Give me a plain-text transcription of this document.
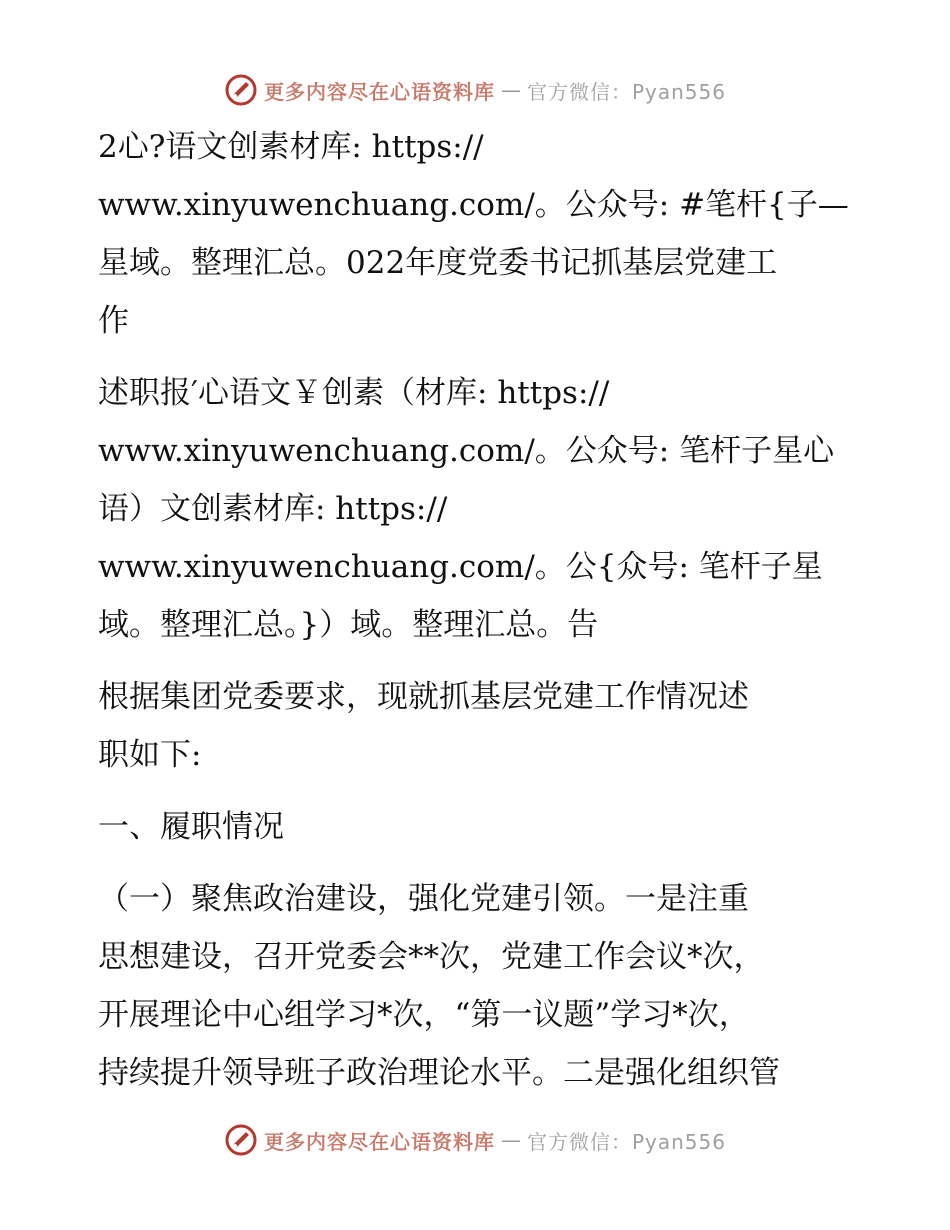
更多内容尽在心语资料库 — 官方微信：Pyan556
2心?语文创素材库: https://
www.xinyuwenchuang.com/。公众号: #笔杆{子—
星域。整理汇总。022年度党委书记抓基层党建工
作
述职报′心语文￥创素（材库: https://
www.xinyuwenchuang.com/。公众号: 笔杆子星心
语）文创素材库: https://
www.xinyuwenchuang.com/。公{众号: 笔杆子星
域。整理汇总。}）域。整理汇总。告
根据集团党委要求，现就抓基层党建工作情况述
职如下:
一、履职情况
（一）聚焦政治建设，强化党建引领。一是注重
思想建设，召开党委会**次，党建工作会议*次，
开展理论中心组学习*次，“第一议题”学习*次，
持续提升领导班子政治理论水平。二是强化组织管
更多内容尽在心语资料库 — 官方微信：Pyan556
